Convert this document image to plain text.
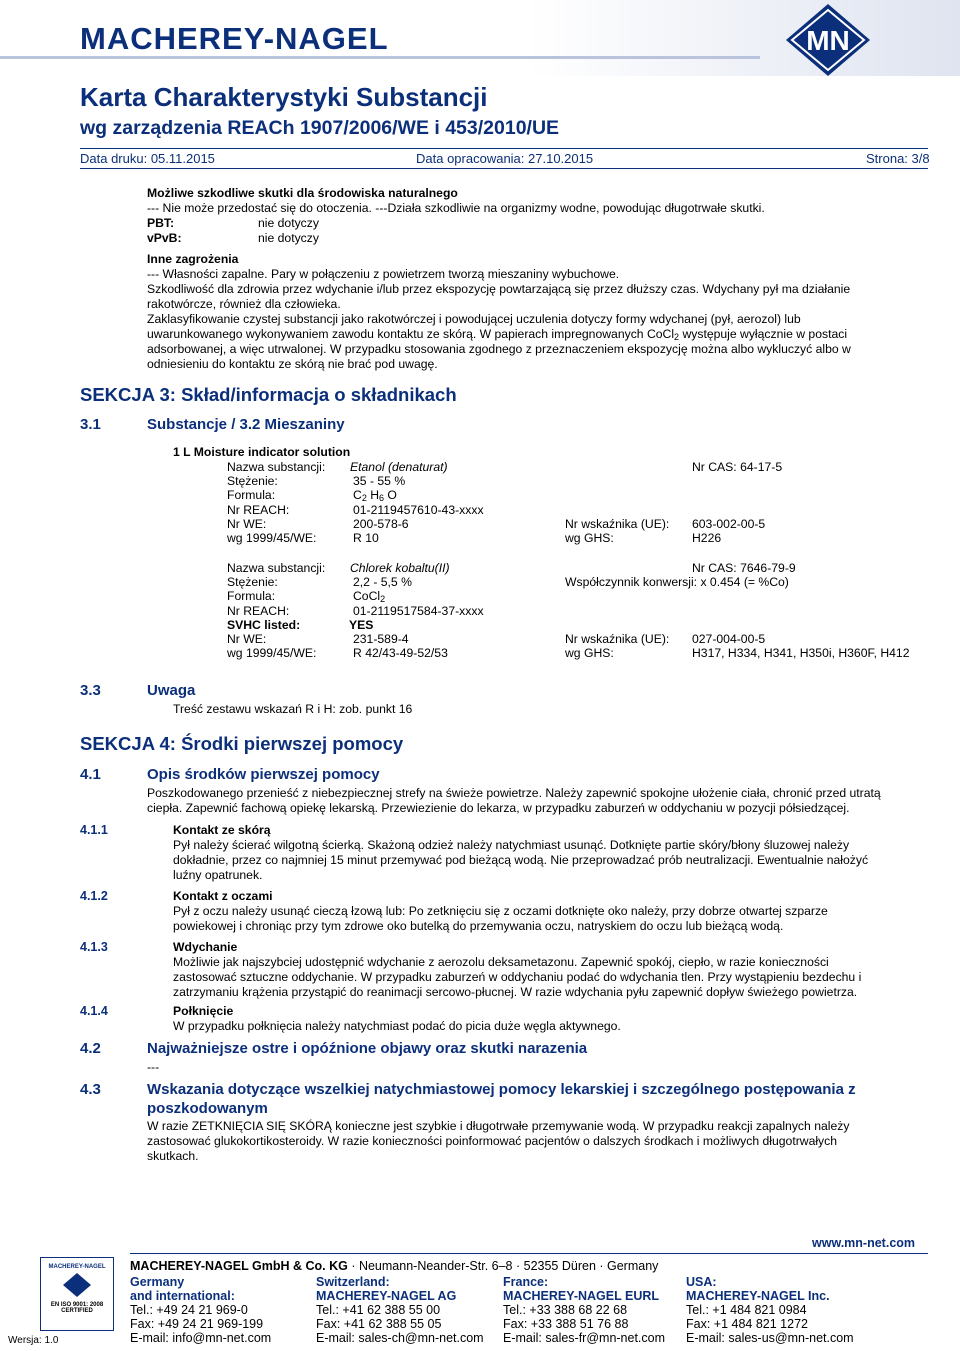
MACHEREY-NAGEL	MN
Karta Charakterystyki Substancji
wg zarządzenia REACh 1907/2006/WE i 453/2010/UE
Data druku: 05.11.2015	Data opracowania: 27.10.2015	Strona: 3/8
Możliwe szkodliwe skutki dla środowiska naturalnego
--- Nie może przedostać się do otoczenia. ---Działa szkodliwie na organizmy wodne, powodując długotrwałe skutki.
PBT:	nie dotyczy
vPvB:	nie dotyczy
Inne zagrożenia
--- Własności zapalne. Pary w połączeniu z powietrzem tworzą mieszaniny wybuchowe.
Szkodliwość dla zdrowia przez wdychanie i/lub przez ekspozycję powtarzającą się przez dłuższy czas. Wdychany pył ma działanie
rakotwórcze, również dla człowieka.
Zaklasyfikowanie czystej substancji jako rakotwórczej i powodującej uczulenia dotyczy formy wdychanej (pył, aerozol) lub
uwarunkowanego wykonywaniem zawodu kontaktu ze skórą. W papierach impregnowanych CoCl$_2$ występuje wyłącznie w postaci
adsorbowanej, a więc utrwalonej. W przypadku stosowania zgodnego z przeznaczeniem ekspozycję można albo wykluczyć albo w
odniesieniu do kontaktu ze skórą nie brać pod uwagę.
SEKCJA 3: Skład/informacja o składnikach
3.1	Substancje / 3.2 Mieszaniny
1 L Moisture indicator solution
Nazwa substancji: Etanol (denaturat)	Nr CAS: 64-17-5
Stężenie:	35 - 55 %
Formula:	$C_2$ $H_6$ O
Nr REACH:	01-2119457610-43-xxxx
Nr WE:	200-578-6	Nr wskaźnika (UE): 603-002-00-5
wg 1999/45/WE:	R 10	wg GHS:	H226
Nazwa substancji: Chlorek kobaltu(II)	Nr CAS: 7646-79-9
Stężenie:	2,2 - 5,5 %	Współczynnik konwersji: x 0.454 (= %Co)
Formula:	CoCl$_2$
Nr REACH:	01-2119517584-37-xxxx
SVHC listed:	YES
Nr WE:	231-589-4	Nr wskaźnika (UE): 027-004-00-5
wg 1999/45/WE:	R 42/43-49-52/53	wg GHS:	H317, H334, H341, H350i, H360F, H412
3.3	Uwaga
Treść zestawu wskazań R i H: zob. punkt 16
SEKCJA 4: Środki pierwszej pomocy
4.1	Opis środków pierwszej pomocy
Poszkodowanego przenieść z niebezpiecznej strefy na świeże powietrze. Należy zapewnić spokojne ułożenie ciała, chronić przed utratą
ciepła. Zapewnić fachową opiekę lekarską. Przewiezienie do lekarza, w przypadku zaburzeń w oddychaniu w pozycji półsiedzącej.
4.1.1	Kontakt ze skórą
Pył należy ścierać wilgotną ścierką. Skażoną odzież należy natychmiast usunąć. Dotknięte partie skóry/błony śluzowej należy
dokładnie, przez co najmniej 15 minut przemywać pod bieżącą wodą. Nie przeprowadzać prób neutralizacji. Ewentualnie nałożyć
luźny opatrunek.
4.1.2	Kontakt z oczami
Pył z oczu należy usunąć cieczą łzową lub: Po zetknięciu się z oczami dotknięte oko należy, przy dobrze otwartej szparze
powiekowej i chroniąc przy tym zdrowe oko butelką do przemywania oczu, natryskiem do oczu lub bieżącą wodą.
4.1.3	Wdychanie
Możliwie jak najszybciej udostępnić wdychanie z aerozolu deksametazonu. Zapewnić spokój, ciepło, w razie konieczności
zastosować sztuczne oddychanie. W przypadku zaburzeń w oddychaniu podać do wdychania tlen. Przy wystąpieniu bezdechu i
zatrzymaniu krążenia przystąpić do reanimacji sercowo-płucnej. W razie wdychania pyłu zapewnić dopływ świeżego powietrza.
4.1.4	Połknięcie
W przypadku połknięcia należy natychmiast podać do picia duże węgla aktywnego.
4.2	Najważniejsze ostre i opóźnione objawy oraz skutki narazenia
---
4.3	Wskazania dotyczące wszelkiej natychmiastowej pomocy lekarskiej i szczególnego postępowania z
poszkodowanym
W razie ZETKNIĘCIA SIĘ SKÓRĄ konieczne jest szybkie i długotrwałe przemywanie wodą. W przypadku reakcji zapalnych należy
zastosować glukokortikosteroidy. W razie konieczności poinformować pacjentów o dalszych środkach i możliwych długotrwałych
skutkach.
www.mn-net.com
MACHEREY-NAGEL GmbH & Co. KG · Neumann-Neander-Str. 6–8 · 52355 Düren · Germany
MACHEREY-NAGEL
EN ISO 9001: 2008
CERTIFIED
Wersja: 1.0
Germany
and international:
Tel.: +49 24 21 969-0
Fax: +49 24 21 969-199
E-mail: info@mn-net.com
Switzerland:
MACHEREY-NAGEL AG
Tel.: +41 62 388 55 00
Fax: +41 62 388 55 05
E-mail: sales-ch@mn-net.com
France:
MACHEREY-NAGEL EURL
Tel.: +33 388 68 22 68
Fax: +33 388 51 76 88
E-mail: sales-fr@mn-net.com
USA:
MACHEREY-NAGEL Inc.
Tel.: +1 484 821 0984
Fax: +1 484 821 1272
E-mail: sales-us@mn-net.com
